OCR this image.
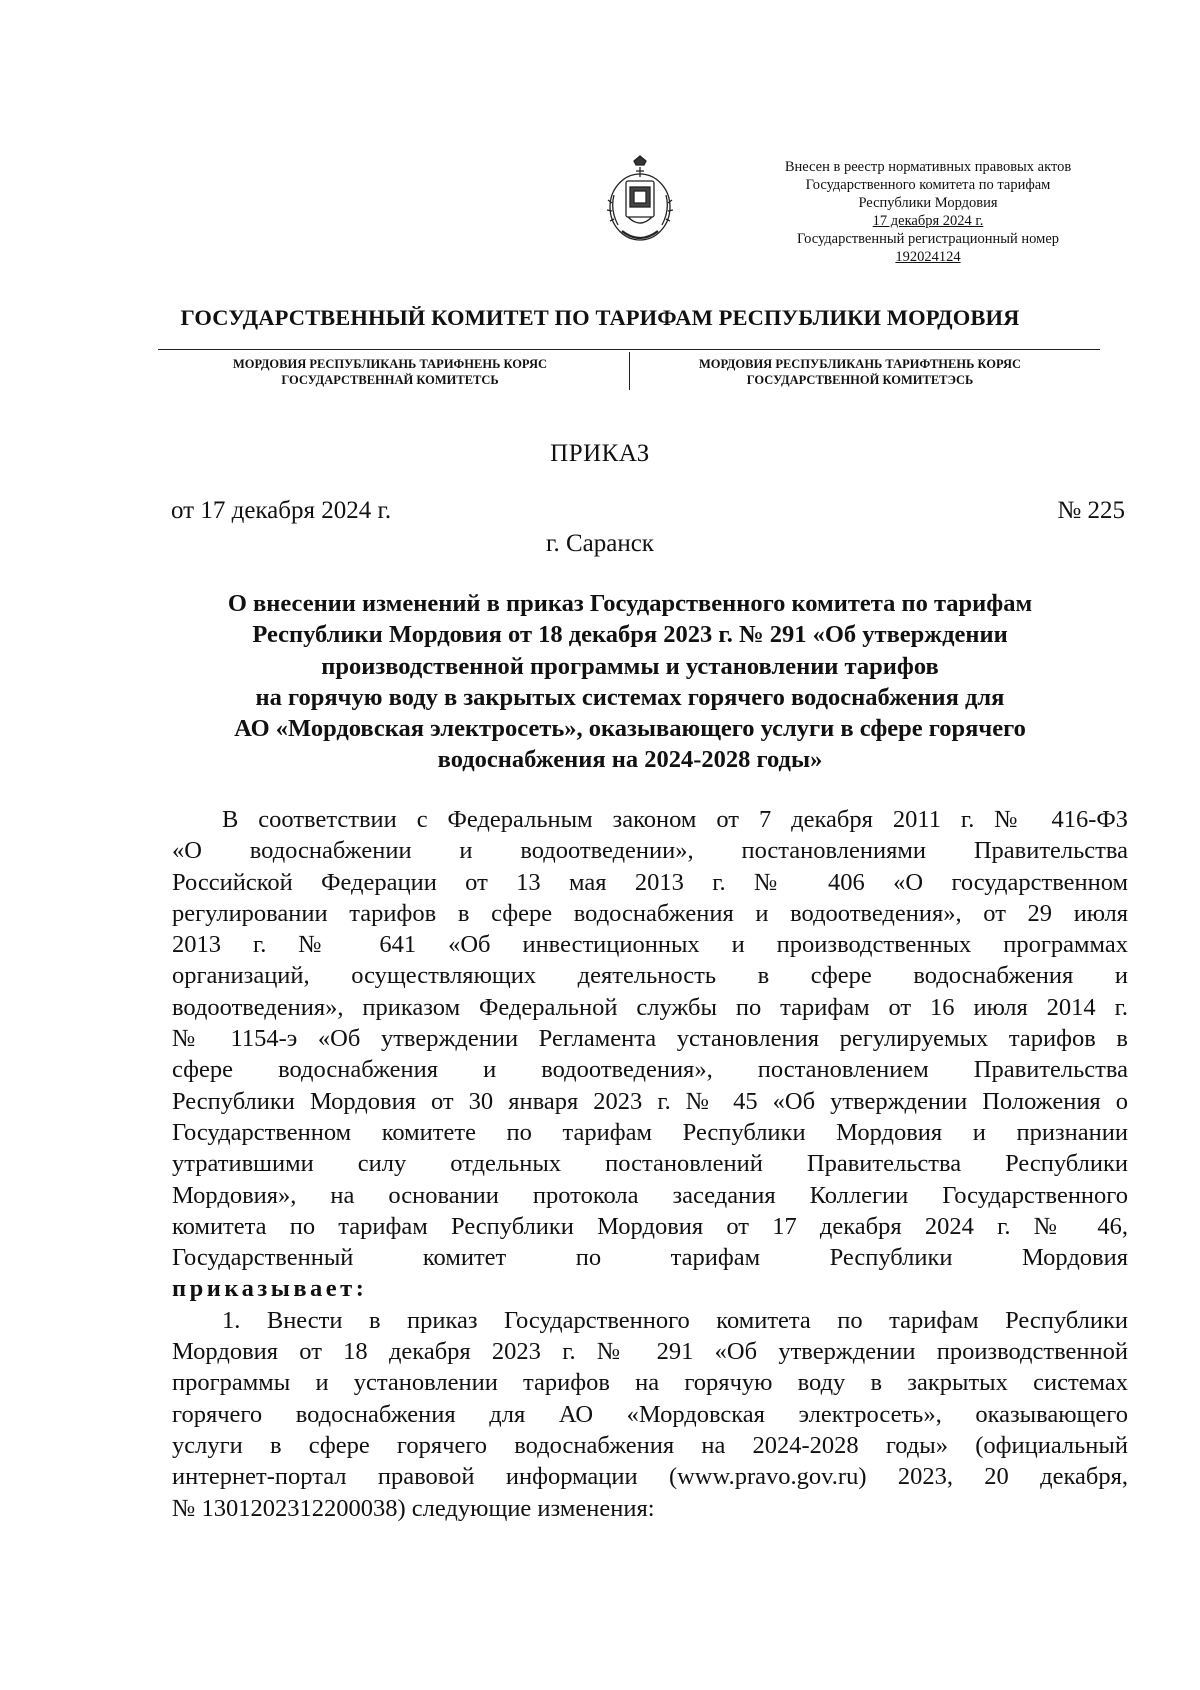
Внесен в реестр нормативных правовых актов
Государственного комитета по тарифам
Республики Мордовия
17 декабря 2024 г.
Государственный регистрационный номер
192024124
ГОСУДАРСТВЕННЫЙ КОМИТЕТ ПО ТАРИФАМ РЕСПУБЛИКИ МОРДОВИЯ
МОРДОВИЯ РЕСПУБЛИКАНЬ ТАРИФНЕНЬ КОРЯС
ГОСУДАРСТВЕННАЙ КОМИТЕТСЬ
МОРДОВИЯ РЕСПУБЛИКАНЬ ТАРИФТНЕНЬ КОРЯС
ГОСУДАРСТВЕННОЙ КОМИТЕТЭСЬ
ПРИКАЗ
от 17 декабря 2024 г.	№ 225
г. Саранск
О внесении изменений в приказ Государственного комитета по тарифам
Республики Мордовия от 18 декабря 2023 г. № 291 «Об утверждении
производственной программы и установлении тарифов
на горячую воду в закрытых системах горячего водоснабжения для
АО «Мордовская электросеть», оказывающего услуги в сфере горячего
водоснабжения на 2024-2028 годы»
В соответствии с Федеральным законом от 7 декабря 2011 г. № 416-ФЗ
«О водоснабжении и водоотведении», постановлениями Правительства
Российской Федерации от 13 мая 2013 г. № 406 «О государственном
регулировании тарифов в сфере водоснабжения и водоотведения», от 29 июля
2013 г. № 641 «Об инвестиционных и производственных программах
организаций, осуществляющих деятельность в сфере водоснабжения и
водоотведения», приказом Федеральной службы по тарифам от 16 июля 2014 г.
№ 1154-э «Об утверждении Регламента установления регулируемых тарифов в
сфере водоснабжения и водоотведения», постановлением Правительства
Республики Мордовия от 30 января 2023 г. № 45 «Об утверждении Положения о
Государственном комитете по тарифам Республики Мордовия и признании
утратившими силу отдельных постановлений Правительства Республики
Мордовия», на основании протокола заседания Коллегии Государственного
комитета по тарифам Республики Мордовия от 17 декабря 2024 г. № 46,
Государственный комитет по тарифам Республики Мордовия
приказывает:
1. Внести в приказ Государственного комитета по тарифам Республики
Мордовия от 18 декабря 2023 г. № 291 «Об утверждении производственной
программы и установлении тарифов на горячую воду в закрытых системах
горячего водоснабжения для АО «Мордовская электросеть», оказывающего
услуги в сфере горячего водоснабжения на 2024-2028 годы» (официальный
интернет-портал правовой информации (www.pravo.gov.ru) 2023, 20 декабря,
№ 1301202312200038) следующие изменения:
